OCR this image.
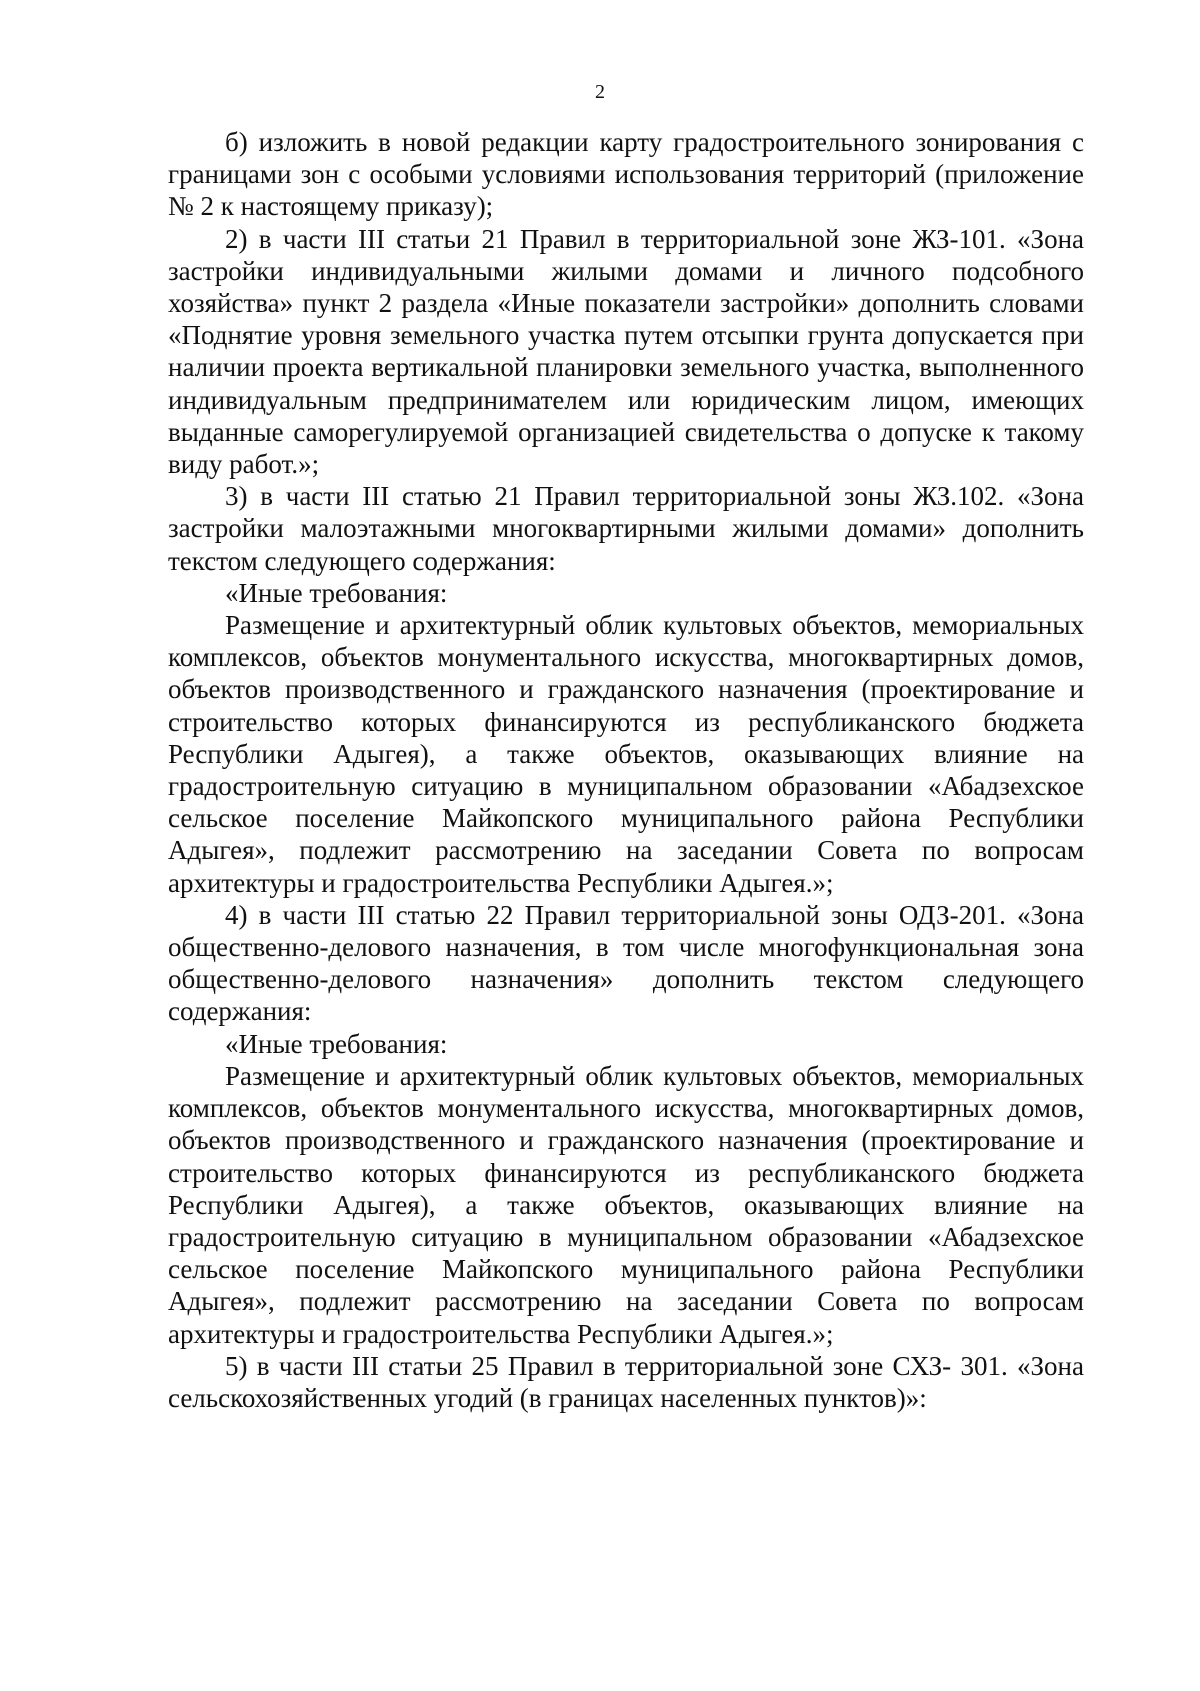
2

б) изложить в новой редакции карту градостроительного зонирования с границами зон с особыми условиями использования территорий (приложение № 2 к настоящему приказу);

2) в части III статьи 21 Правил в территориальной зоне ЖЗ-101. «Зона застройки индивидуальными жилыми домами и личного подсобного хозяйства» пункт 2 раздела «Иные показатели застройки» дополнить словами «Поднятие уровня земельного участка путем отсыпки грунта допускается при наличии проекта вертикальной планировки земельного участка, выполненного индивидуальным предпринимателем или юридическим лицом, имеющих выданные саморегулируемой организацией свидетельства о допуске к такому виду работ.»;

3) в части III статью 21 Правил территориальной зоны ЖЗ.102. «Зона застройки малоэтажными многоквартирными жилыми домами» дополнить текстом следующего содержания:

«Иные требования:

Размещение и архитектурный облик культовых объектов, мемориальных комплексов, объектов монументального искусства, многоквартирных домов, объектов производственного и гражданского назначения (проектирование и строительство которых финансируются из республиканского бюджета Республики Адыгея), а также объектов, оказывающих влияние на градостроительную ситуацию в муниципальном образовании «Абадзехское сельское поселение Майкопского муниципального района Республики Адыгея», подлежит рассмотрению на заседании Совета по вопросам архитектуры и градостроительства Республики Адыгея.»;

4) в части III статью 22 Правил территориальной зоны ОДЗ-201. «Зона общественно-делового назначения, в том числе многофункциональная зона общественно-делового назначения» дополнить текстом следующего содержания:

«Иные требования:

Размещение и архитектурный облик культовых объектов, мемориальных комплексов, объектов монументального искусства, многоквартирных домов, объектов производственного и гражданского назначения (проектирование и строительство которых финансируются из республиканского бюджета Республики Адыгея), а также объектов, оказывающих влияние на градостроительную ситуацию в муниципальном образовании «Абадзехское сельское поселение Майкопского муниципального района Республики Адыгея», подлежит рассмотрению на заседании Совета по вопросам архитектуры и градостроительства Республики Адыгея.»;

5) в части III статьи 25 Правил в территориальной зоне СХЗ- 301. «Зона сельскохозяйственных угодий (в границах населенных пунктов)»:
